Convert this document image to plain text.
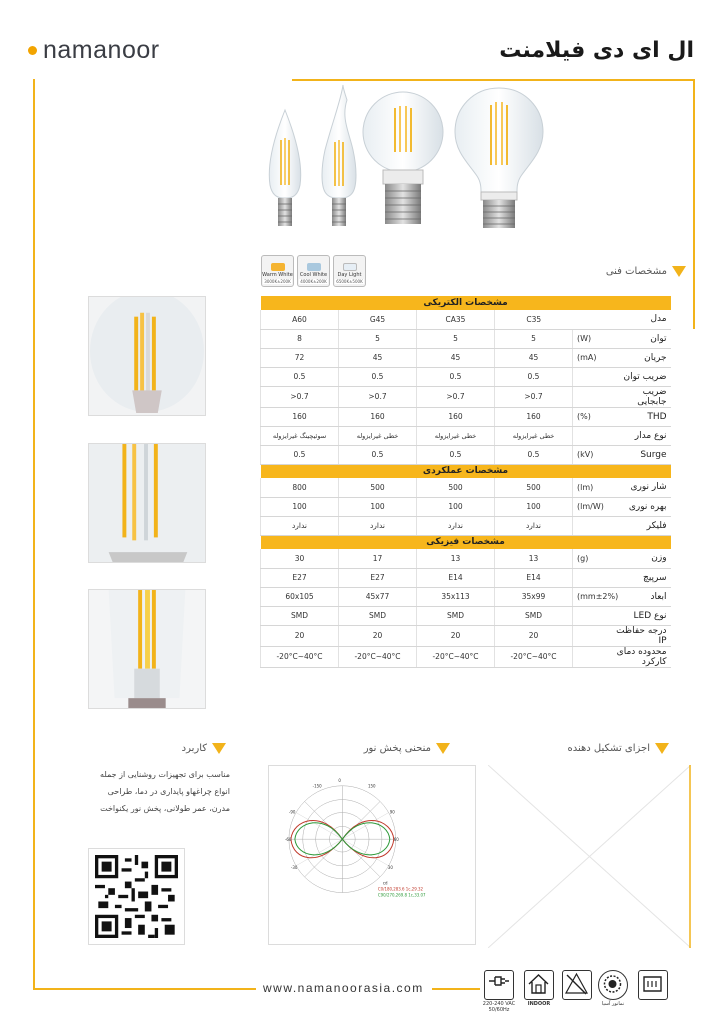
namanoor	ال ای دی فیلامنت
Warm White
3000K±200K
Cool White
4000K±200K
Day Light
6500K±500K
مشخصات فنی
مشخصات الکتریکی					
A60	G45	CA35	C35	مدل	
8	5	5	5	(W)	توان
72	45	45	45	(mA)	جریان
0.5	0.5	0.5	0.5		ضریب توان
>0.7	>0.7	>0.7	>0.7		ضریب جابجایی
160	160	160	160	(%)	THD
سوئیچینگ غیرایزوله	خطی غیرایزوله	خطی غیرایزوله	خطی غیرایزوله		نوع مدار
0.5	0.5	0.5	0.5	(kV)	Surge
مشخصات عملکردی					
800	500	500	500	(lm)	شار نوری
100	100	100	100	(lm/W)	بهره نوری
ندارد	ندارد	ندارد	ندارد		فلیکر
مشخصات فیزیکی					
30	17	13	13	(g)	وزن
E27	E27	E14	E14		سرپیچ
60x105	45x77	35x113	35x99	(mm±2%)	ابعاد
SMD	SMD	SMD	SMD		نوع LED
20	20	20	20		درجه حفاظت IP
-20°C~40°C	-20°C~40°C	-20°C~40°C	-20°C~40°C		محدوده دمای کارکرد
کاربرد	منحنی پخش نور	اجزای تشکیل دهنده
مناسب برای تجهیزات روشنایی از جمله انواع چراغهاو پایداری در دما، طراحی مدرن، عمر طولانی، پخش نور یکنواخت
0
-150	150
-90	90
-60	60
-30	30
cd
C0/180,283.6 1c,29.32
C90/270,269.8 1c,33.07
www.namanoorasia.com
220-240 VAC
50/60Hz
INDOOR	نمانور آسیا
